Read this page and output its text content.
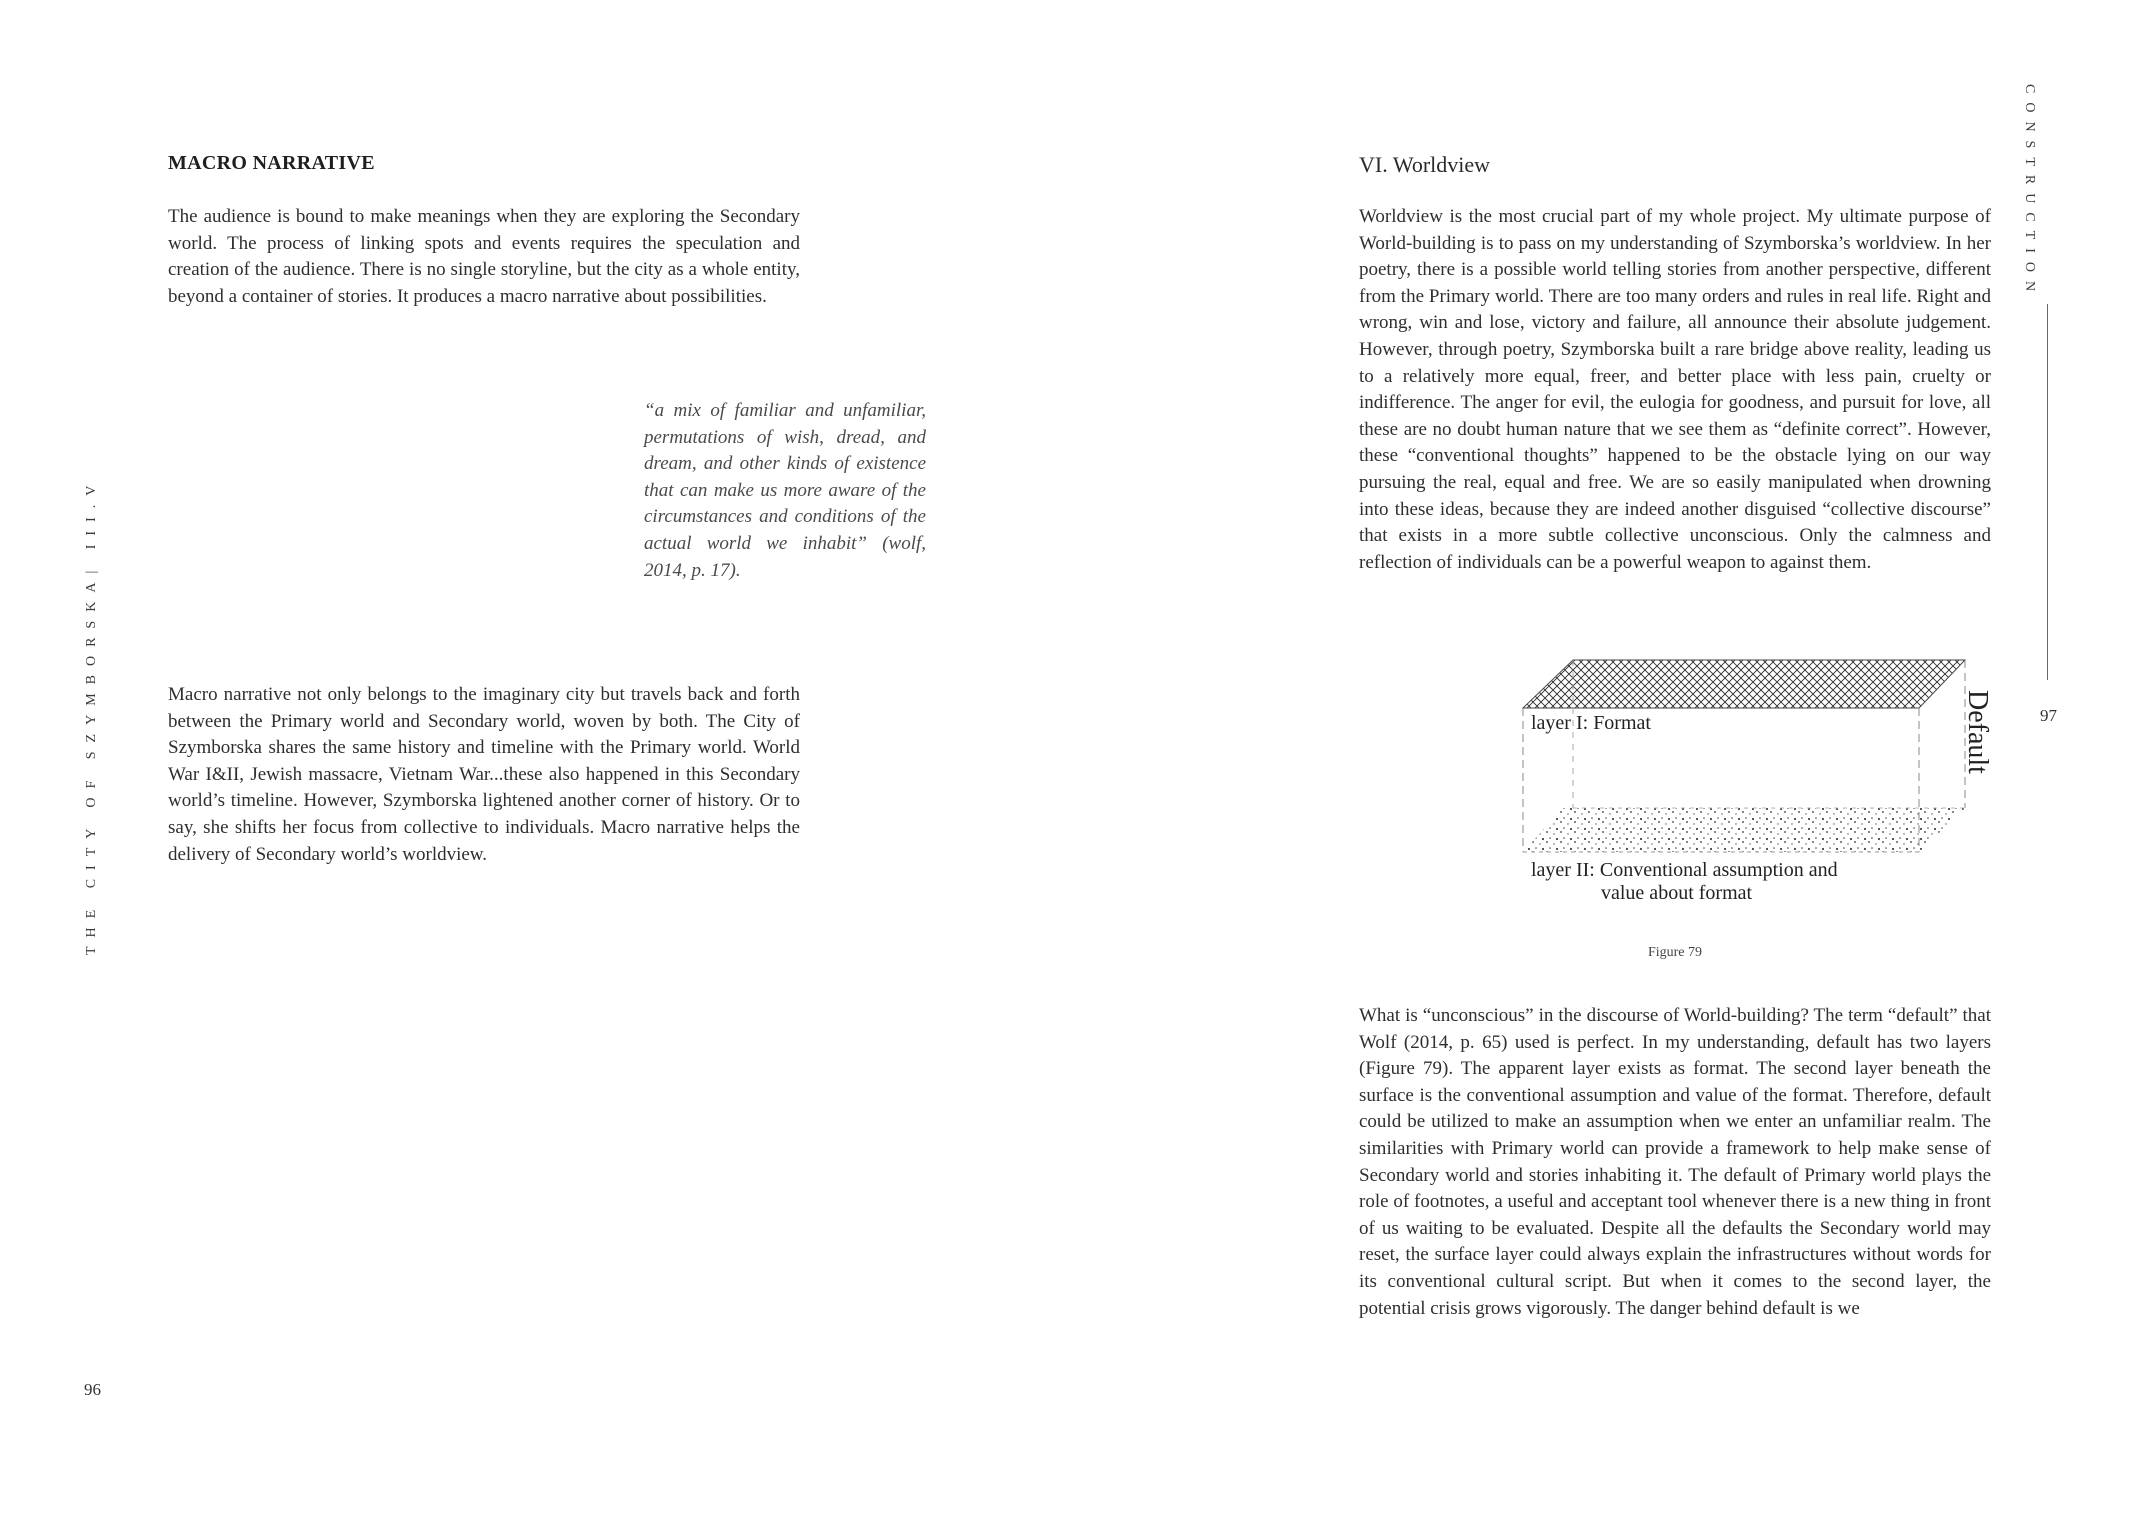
MACRO NARRATIVE
The audience is bound to make meanings when they are exploring the Secondary world. The process of linking spots and events requires the speculation and creation of the audience. There is no single storyline, but the city as a whole entity, beyond a container of stories. It produces a macro narrative about possibilities.
“a mix of familiar and unfamiliar, permutations of wish, dread, and dream, and other kinds of existence that can make us more aware of the circumstances and conditions of the actual world we inhabit” (wolf, 2014, p. 17).
Macro narrative not only belongs to the imaginary city but travels back and forth between the Primary world and Secondary world, woven by both. The City of Szymborska shares the same history and timeline with the Primary world. World War I&II, Jewish massacre, Vietnam War...these also happened in this Secondary world’s timeline. However, Szymborska lightened another corner of history. Or to say, she shifts her focus from collective to individuals. Macro narrative helps the delivery of Secondary world’s worldview.
THE CITY OF SZYMBORSKA| III.V
96
VI. Worldview
Worldview is the most crucial part of my whole project. My ultimate purpose of World-building is to pass on my understanding of Szymborska’s worldview. In her poetry, there is a possible world telling stories from another perspective, different from the Primary world. There are too many orders and rules in real life. Right and wrong, win and lose, victory and failure, all announce their absolute judgement. However, through poetry, Szymborska built a rare bridge above reality, leading us to a relatively more equal, freer, and better place with less pain, cruelty or indifference. The anger for evil, the eulogia for goodness, and pursuit for love, all these are no doubt human nature that we see them as “definite correct”. However, these “conventional thoughts” happened to be the obstacle lying on our way pursuing the real, equal and free. We are so easily manipulated when drowning into these ideas, because they are indeed another disguised “collective discourse” that exists in a more subtle collective unconscious. Only the calmness and reflection of individuals can be a powerful weapon to against them.
layer I: Format
layer II: Conventional assumption and
value about format
Default
Figure 79
What is “unconscious” in the discourse of World-building? The term “default” that Wolf (2014, p. 65) used is perfect. In my understanding, default has two layers (Figure 79). The apparent layer exists as format. The second layer beneath the surface is the conventional assumption and value of the format. Therefore, default could be utilized to make an assumption when we enter an unfamiliar realm. The similarities with Primary world can provide a framework to help make sense of Secondary world and stories inhabiting it. The default of Primary world plays the role of footnotes, a useful and acceptant tool whenever there is a new thing in front of us waiting to be evaluated. Despite all the defaults the Secondary world may reset, the surface layer could always explain the infrastructures without words for its conventional cultural script. But when it comes to the second layer, the potential crisis grows vigorously. The danger behind default is we
CONSTRUCTION
97
